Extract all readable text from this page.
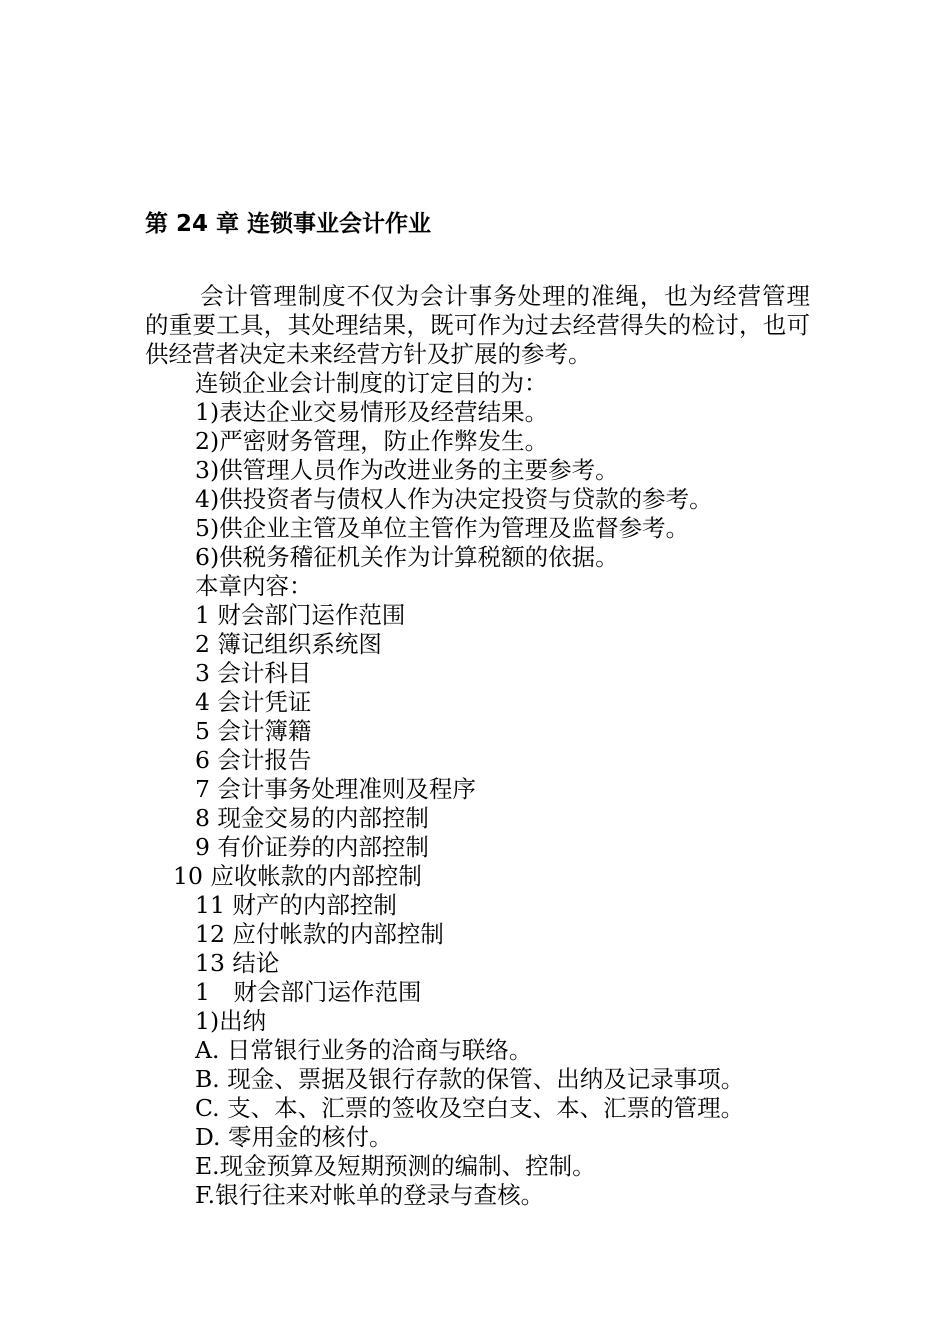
第 24 章 连锁事业会计作业

会计管理制度不仅为会计事务处理的准绳，也为经营管理的重要工具，其处理结果，既可作为过去经营得失的检讨，也可供经营者决定未来经营方针及扩展的参考。

连锁企业会计制度的订定目的为：
1)表达企业交易情形及经营结果。
2)严密财务管理，防止作弊发生。
3)供管理人员作为改进业务的主要参考。
4)供投资者与债权人作为决定投资与贷款的参考。
5)供企业主管及单位主管作为管理及监督参考。
6)供税务稽征机关作为计算税额的依据。
本章内容：
1 财会部门运作范围
2 簿记组织系统图
3 会计科目
4 会计凭证
5 会计簿籍
6 会计报告
7 会计事务处理准则及程序
8 现金交易的内部控制
9 有价证券的内部控制
10 应收帐款的内部控制
11 财产的内部控制
12 应付帐款的内部控制
13 结论
1　财会部门运作范围
1)出纳
A. 日常银行业务的洽商与联络。
B. 现金、票据及银行存款的保管、出纳及记录事项。
C. 支、本、汇票的签收及空白支、本、汇票的管理。
D. 零用金的核付。
E.现金预算及短期预测的编制、控制。
F.银行往来对帐单的登录与查核。
